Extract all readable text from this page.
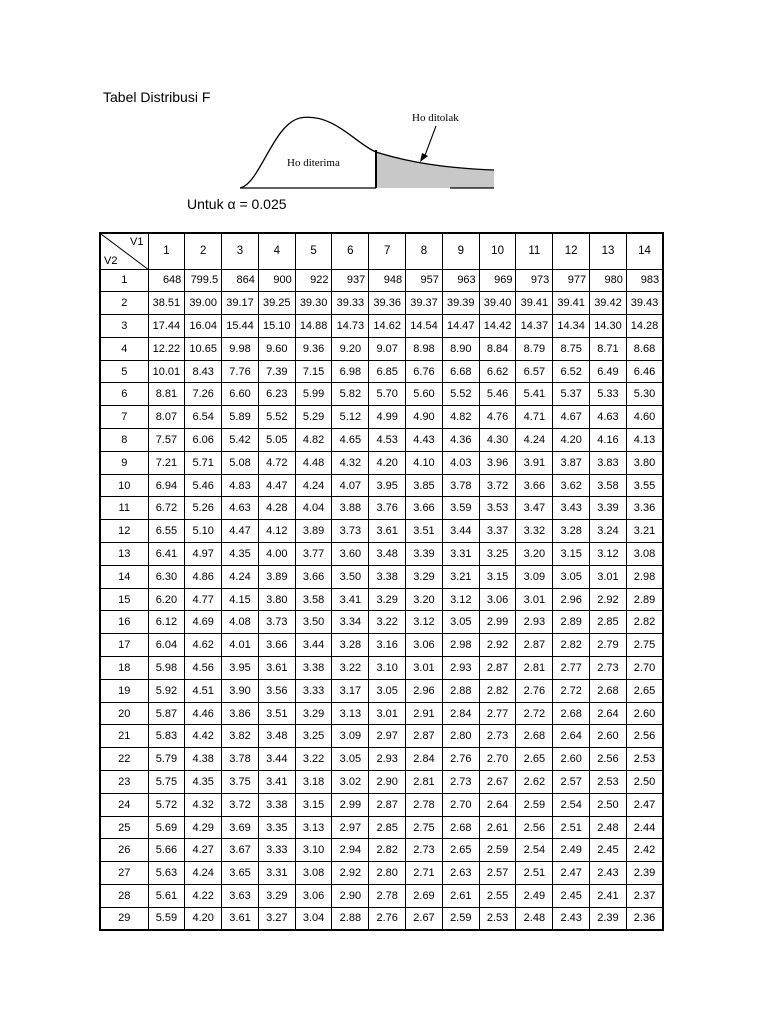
Tabel Distribusi F
Ho diterima
Ho ditolak
Untuk α = 0.025
V1
V2	1	2	3	4	5	6	7	8	9	10	11	12	13	14
1	648	799.5	864	900	922	937	948	957	963	969	973	977	980	983
2	38.51	39.00	39.17	39.25	39.30	39.33	39.36	39.37	39.39	39.40	39.41	39.41	39.42	39.43
3	17.44	16.04	15.44	15.10	14.88	14.73	14.62	14.54	14.47	14.42	14.37	14.34	14.30	14.28
4	12.22	10.65	9.98	9.60	9.36	9.20	9.07	8.98	8.90	8.84	8.79	8.75	8.71	8.68
5	10.01	8.43	7.76	7.39	7.15	6.98	6.85	6.76	6.68	6.62	6.57	6.52	6.49	6.46
6	8.81	7.26	6.60	6.23	5.99	5.82	5.70	5.60	5.52	5.46	5.41	5.37	5.33	5.30
7	8.07	6.54	5.89	5.52	5.29	5.12	4.99	4.90	4.82	4.76	4.71	4.67	4.63	4.60
8	7.57	6.06	5.42	5.05	4.82	4.65	4.53	4.43	4.36	4.30	4.24	4.20	4.16	4.13
9	7.21	5.71	5.08	4.72	4.48	4.32	4.20	4.10	4.03	3.96	3.91	3.87	3.83	3.80
10	6.94	5.46	4.83	4.47	4.24	4.07	3.95	3.85	3.78	3.72	3.66	3.62	3.58	3.55
11	6.72	5.26	4.63	4.28	4.04	3.88	3.76	3.66	3.59	3.53	3.47	3.43	3.39	3.36
12	6.55	5.10	4.47	4.12	3.89	3.73	3.61	3.51	3.44	3.37	3.32	3.28	3.24	3.21
13	6.41	4.97	4.35	4.00	3.77	3.60	3.48	3.39	3.31	3.25	3.20	3.15	3.12	3.08
14	6.30	4.86	4.24	3.89	3.66	3.50	3.38	3.29	3.21	3.15	3.09	3.05	3.01	2.98
15	6.20	4.77	4.15	3.80	3.58	3.41	3.29	3.20	3.12	3.06	3.01	2.96	2.92	2.89
16	6.12	4.69	4.08	3.73	3.50	3.34	3.22	3.12	3.05	2.99	2.93	2.89	2.85	2.82
17	6.04	4.62	4.01	3.66	3.44	3.28	3.16	3.06	2.98	2.92	2.87	2.82	2.79	2.75
18	5.98	4.56	3.95	3.61	3.38	3.22	3.10	3.01	2.93	2.87	2.81	2.77	2.73	2.70
19	5.92	4.51	3.90	3.56	3.33	3.17	3.05	2.96	2.88	2.82	2.76	2.72	2.68	2.65
20	5.87	4.46	3.86	3.51	3.29	3.13	3.01	2.91	2.84	2.77	2.72	2.68	2.64	2.60
21	5.83	4.42	3.82	3.48	3.25	3.09	2.97	2.87	2.80	2.73	2.68	2.64	2.60	2.56
22	5.79	4.38	3.78	3.44	3.22	3.05	2.93	2.84	2.76	2.70	2.65	2.60	2.56	2.53
23	5.75	4.35	3.75	3.41	3.18	3.02	2.90	2.81	2.73	2.67	2.62	2.57	2.53	2.50
24	5.72	4.32	3.72	3.38	3.15	2.99	2.87	2.78	2.70	2.64	2.59	2.54	2.50	2.47
25	5.69	4.29	3.69	3.35	3.13	2.97	2.85	2.75	2.68	2.61	2.56	2.51	2.48	2.44
26	5.66	4.27	3.67	3.33	3.10	2.94	2.82	2.73	2.65	2.59	2.54	2.49	2.45	2.42
27	5.63	4.24	3.65	3.31	3.08	2.92	2.80	2.71	2.63	2.57	2.51	2.47	2.43	2.39
28	5.61	4.22	3.63	3.29	3.06	2.90	2.78	2.69	2.61	2.55	2.49	2.45	2.41	2.37
29	5.59	4.20	3.61	3.27	3.04	2.88	2.76	2.67	2.59	2.53	2.48	2.43	2.39	2.36
